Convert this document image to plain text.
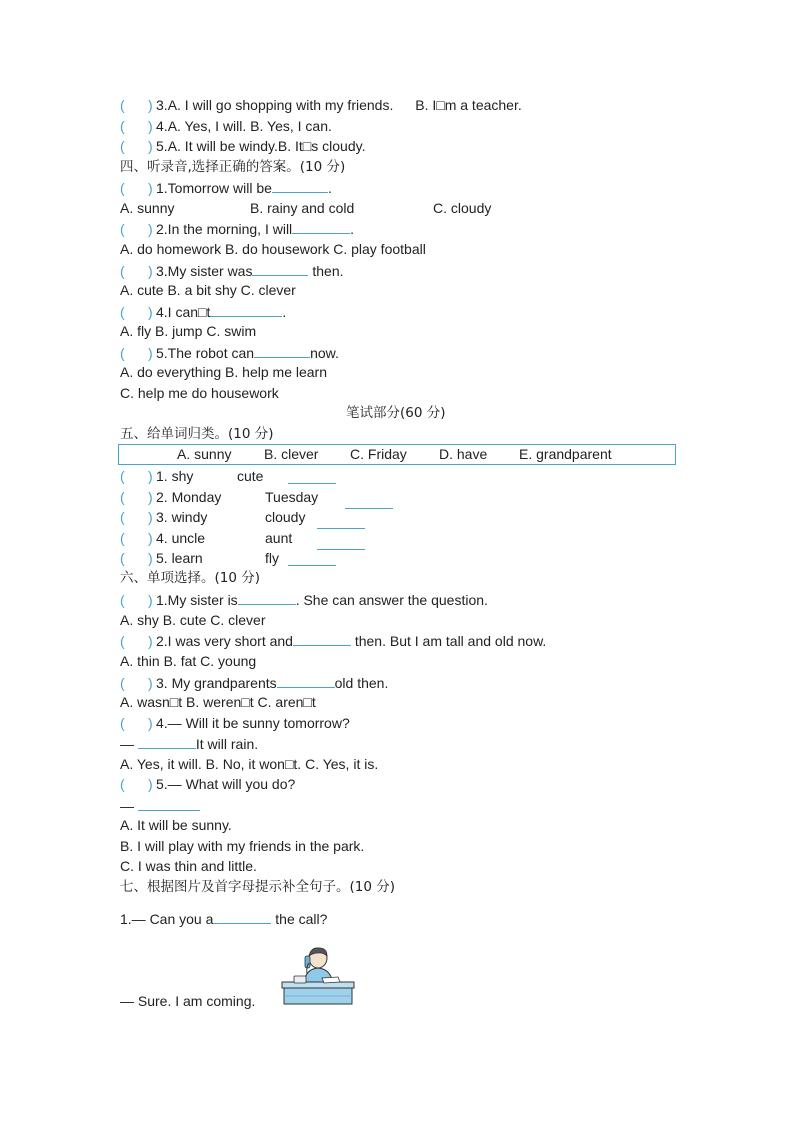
( ) 3.A. I will go shopping with my friends. B. I□m a teacher.
( ) 4.A. Yes, I will. B. Yes, I can.
( ) 5.A. It will be windy.B. It□s cloudy.
四、听录音,选择正确的答案。(10 分)
( ) 1.Tomorrow will be	.
A. sunny	B. rainy and cold	C. cloudy
( ) 2.In the morning, I will	.
A. do homework B. do housework C. play football
( ) 3.My sister was	then.
A. cute B. a bit shy C. clever
( ) 4.I can□t	.
A. fly B. jump C. swim
( ) 5.The robot can	now.
A. do everything B. help me learn
C. help me do housework
笔试部分(60 分)
五、给单词归类。(10 分)
A. sunny B. clever C. Friday D. have E. grandparent
( ) 1. shy	cute
( ) 2. Monday	Tuesday
( ) 3. windy	cloudy
( ) 4. uncle	aunt
( ) 5. learn	fly
六、单项选择。(10 分)
( ) 1.My sister is	. She can answer the question.
A. shy B. cute C. clever
( ) 2.I was very short and	then. But I am tall and old now.
A. thin B. fat C. young
( ) 3. My grandparents	old then.
A. wasn□t B. weren□t C. aren□t
( ) 4.— Will it be sunny tomorrow?
—	It will rain.
A. Yes, it will. B. No, it won□t. C. Yes, it is.
( ) 5.— What will you do?
—
A. It will be sunny.
B. I will play with my friends in the park.
C. I was thin and little.
七、根据图片及首字母提示补全句子。(10 分)
1.— Can you a	the call?
— Sure. I am coming.
